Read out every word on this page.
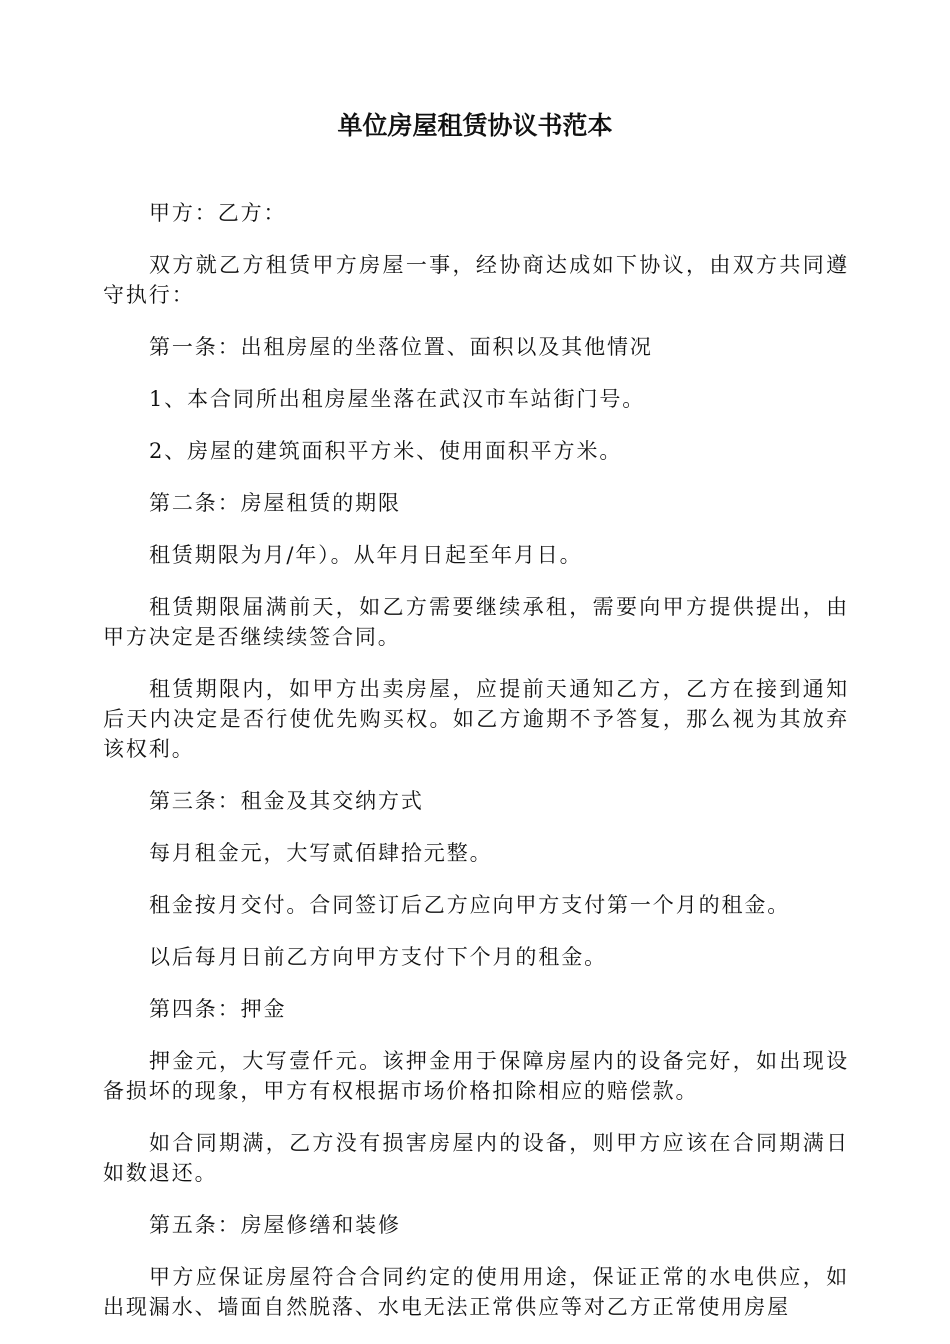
单位房屋租赁协议书范本

甲方：乙方：

双方就乙方租赁甲方房屋一事，经协商达成如下协议，由双方共同遵守执行：

第一条：出租房屋的坐落位置、面积以及其他情况

1、本合同所出租房屋坐落在武汉市车站街门号。

2、房屋的建筑面积平方米、使用面积平方米。

第二条：房屋租赁的期限

租赁期限为月/年）。从年月日起至年月日。

租赁期限届满前天，如乙方需要继续承租，需要向甲方提供提出，由甲方决定是否继续续签合同。

租赁期限内，如甲方出卖房屋，应提前天通知乙方，乙方在接到通知后天内决定是否行使优先购买权。如乙方逾期不予答复，那么视为其放弃该权利。

第三条：租金及其交纳方式

每月租金元，大写贰佰肆拾元整。

租金按月交付。合同签订后乙方应向甲方支付第一个月的租金。

以后每月日前乙方向甲方支付下个月的租金。

第四条：押金

押金元，大写壹仟元。该押金用于保障房屋内的设备完好，如出现设备损坏的现象，甲方有权根据市场价格扣除相应的赔偿款。

如合同期满，乙方没有损害房屋内的设备，则甲方应该在合同期满日如数退还。

第五条：房屋修缮和装修

甲方应保证房屋符合合同约定的使用用途，保证正常的水电供应，如出现漏水、墙面自然脱落、水电无法正常供应等对乙方正常使用房屋
